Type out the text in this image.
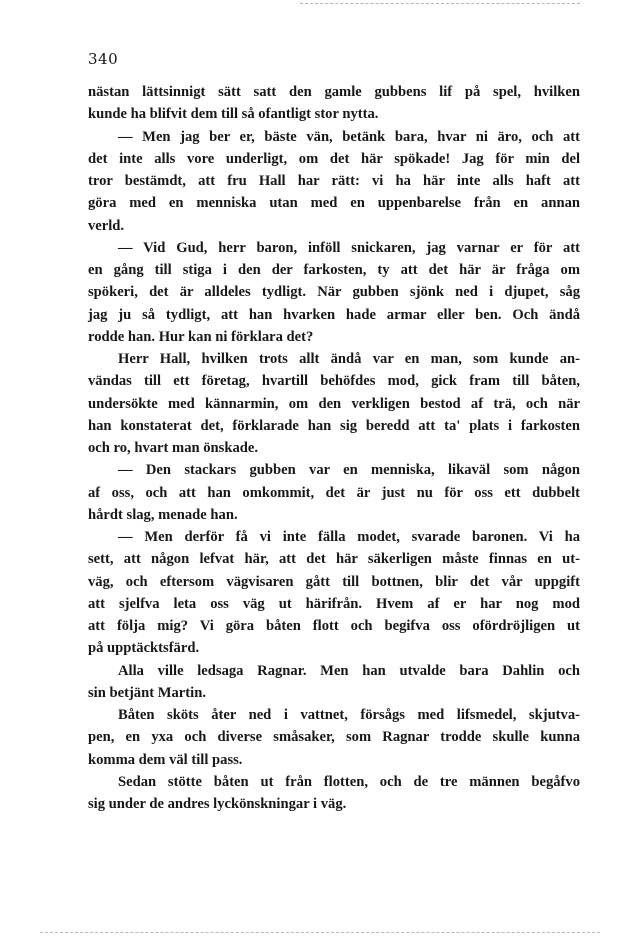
340
nästan lättsinnigt sätt satt den gamle gubbens lif på spel, hvilken
kunde ha blifvit dem till så ofantligt stor nytta.
— Men jag ber er, bäste vän, betänk bara, hvar ni äro, och att
det inte alls vore underligt, om det här spökade! Jag för min del
tror bestämdt, att fru Hall har rätt: vi ha här inte alls haft att
göra med en menniska utan med en uppenbarelse från en annan
verld.
— Vid Gud, herr baron, inföll snickaren, jag varnar er för att
en gång till stiga i den der farkosten, ty att det här är fråga om
spökeri, det är alldeles tydligt. När gubben sjönk ned i djupet, såg
jag ju så tydligt, att han hvarken hade armar eller ben. Och ändå
rodde han. Hur kan ni förklara det?
Herr Hall, hvilken trots allt ändå var en man, som kunde an-
vändas till ett företag, hvartill behöfdes mod, gick fram till båten,
undersökte med kännarmin, om den verkligen bestod af trä, och när
han konstaterat det, förklarade han sig beredd att ta' plats i farkosten
och ro, hvart man önskade.
— Den stackars gubben var en menniska, likaväl som någon
af oss, och att han omkommit, det är just nu för oss ett dubbelt
hårdt slag, menade han.
— Men derför få vi inte fälla modet, svarade baronen. Vi ha
sett, att någon lefvat här, att det här säkerligen måste finnas en ut-
väg, och eftersom vägvisaren gått till bottnen, blir det vår uppgift
att sjelfva leta oss väg ut härifrån. Hvem af er har nog mod
att följa mig? Vi göra båten flott och begifva oss ofördröjligen ut
på upptäcktsfärd.
Alla ville ledsaga Ragnar. Men han utvalde bara Dahlin och
sin betjänt Martin.
Båten sköts åter ned i vattnet, försågs med lifsmedel, skjutva-
pen, en yxa och diverse småsaker, som Ragnar trodde skulle kunna
komma dem väl till pass.
Sedan stötte båten ut från flotten, och de tre männen begåfvo
sig under de andres lyckönskningar i väg.
